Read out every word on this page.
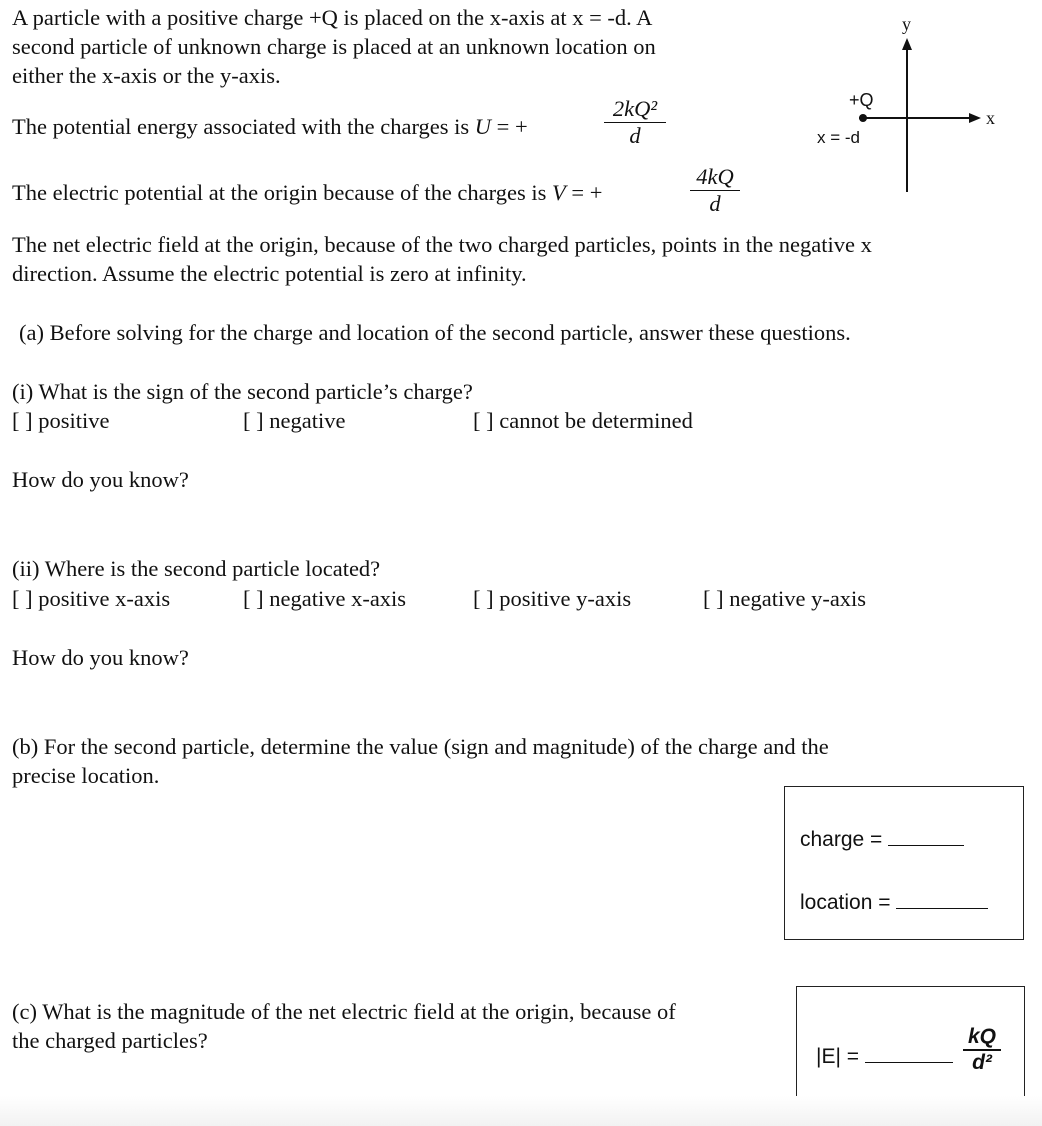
A particle with a positive charge +Q is placed on the x-axis at x = -d. A
second particle of unknown charge is placed at an unknown location on
either the x-axis or the y-axis.
The potential energy associated with the charges is U = +
2kQ²
d
The electric potential at the origin because of the charges is V = +
4kQ
d
y
x
+Q
x = -d
The net electric field at the origin, because of the two charged particles, points in the negative x
direction. Assume the electric potential is zero at infinity.
(a) Before solving for the charge and location of the second particle, answer these questions.
(i) What is the sign of the second particle’s charge?
[ ] positive	[ ] negative	[ ] cannot be determined
How do you know?
(ii) Where is the second particle located?
[ ] positive x-axis	[ ] negative x-axis	[ ] positive y-axis	[ ] negative y-axis
How do you know?
(b) For the second particle, determine the value (sign and magnitude) of the charge and the
precise location.
charge =
location =
(c) What is the magnitude of the net electric field at the origin, because of
the charged particles?
|E| =
kQ
d²
